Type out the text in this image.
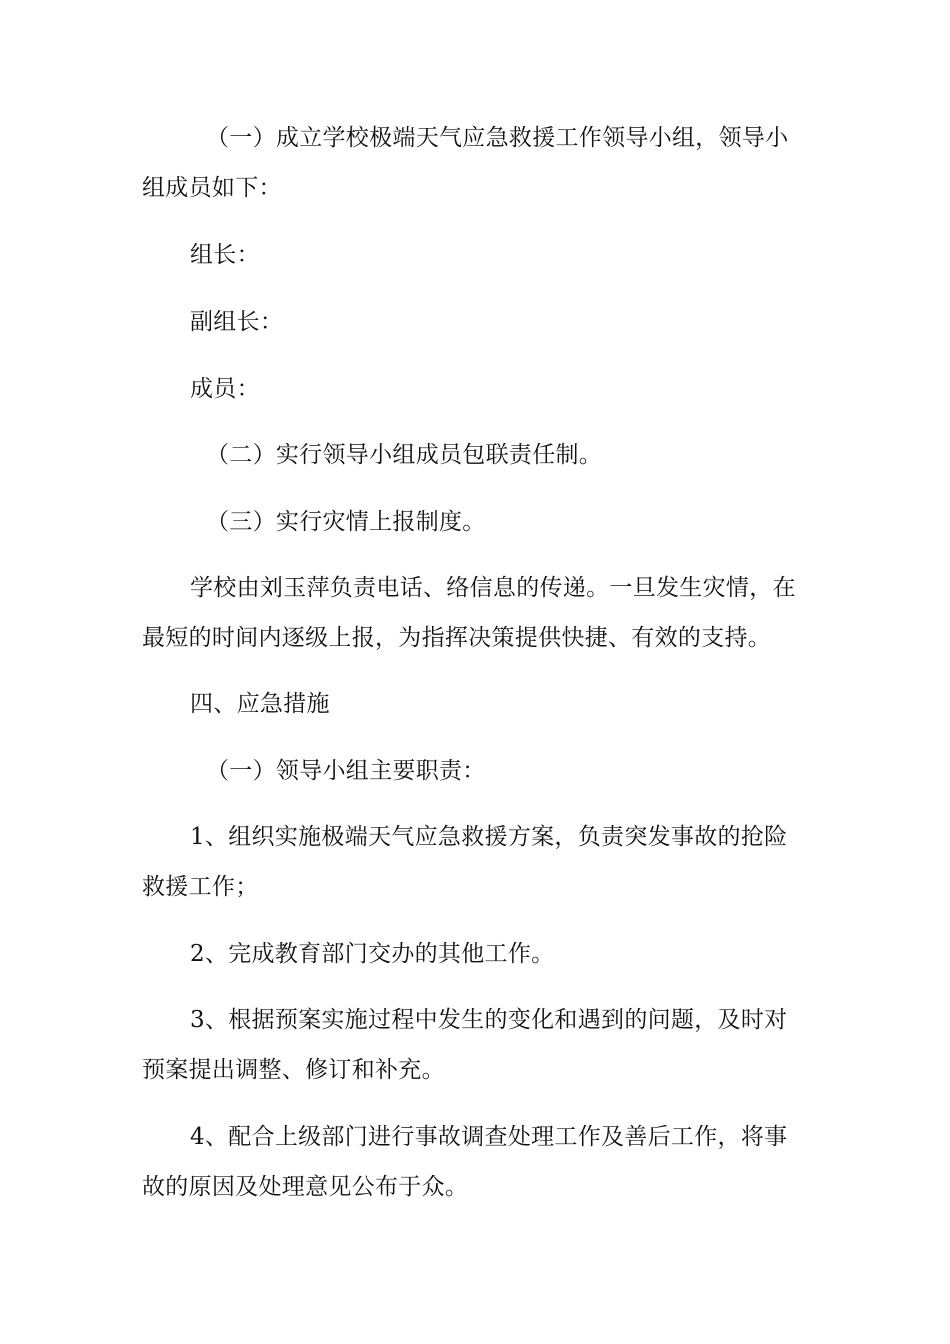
（一）成立学校极端天气应急救援工作领导小组，领导小组成员如下：

组长：

副组长：

成员：

（二）实行领导小组成员包联责任制。

（三）实行灾情上报制度。

学校由刘玉萍负责电话、络信息的传递。一旦发生灾情，在最短的时间内逐级上报，为指挥决策提供快捷、有效的支持。

四、应急措施

（一）领导小组主要职责：

1、组织实施极端天气应急救援方案，负责突发事故的抢险救援工作；

2、完成教育部门交办的其他工作。

3、根据预案实施过程中发生的变化和遇到的问题，及时对预案提出调整、修订和补充。

4、配合上级部门进行事故调查处理工作及善后工作，将事故的原因及处理意见公布于众。
